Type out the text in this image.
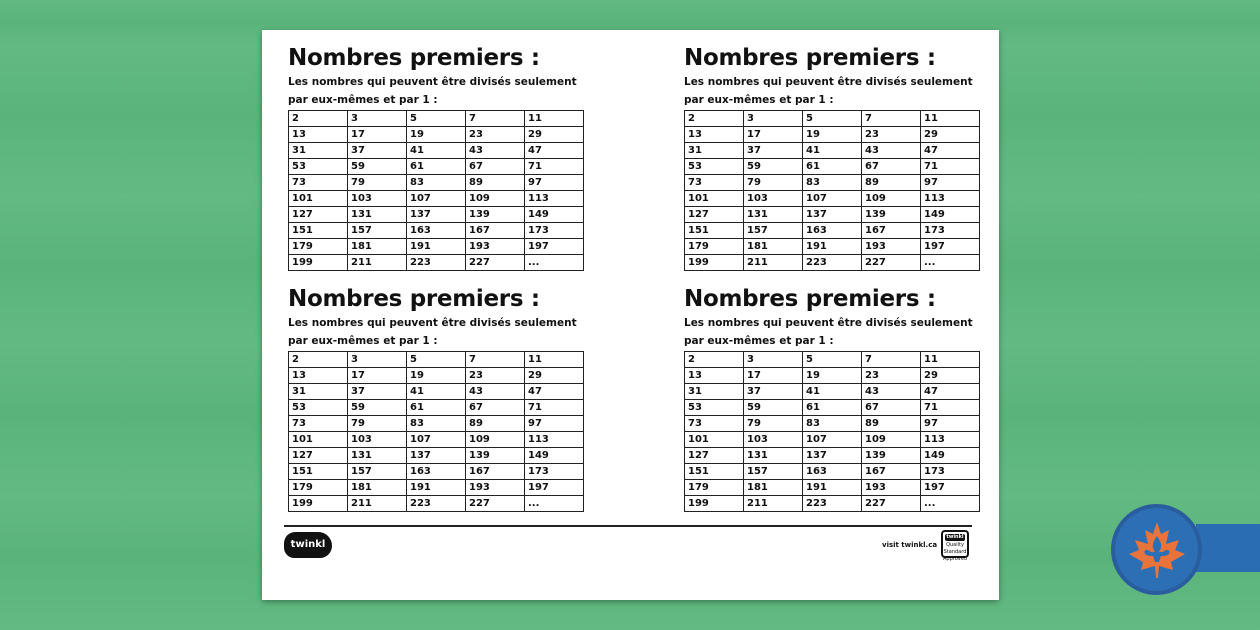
Nombres premiers :

Les nombres qui peuvent être divisés seulement par eux-mêmes et par 1 :

2	3	5	7	11
13	17	19	23	29
31	37	41	43	47
53	59	61	67	71
73	79	83	89	97
101	103	107	109	113
127	131	137	139	149
151	157	163	167	173
179	181	191	193	197
199	211	223	227	...
Nombres premiers :

Les nombres qui peuvent être divisés seulement par eux-mêmes et par 1 :

2	3	5	7	11
13	17	19	23	29
31	37	41	43	47
53	59	61	67	71
73	79	83	89	97
101	103	107	109	113
127	131	137	139	149
151	157	163	167	173
179	181	191	193	197
199	211	223	227	...
Nombres premiers :

Les nombres qui peuvent être divisés seulement par eux-mêmes et par 1 :

2	3	5	7	11
13	17	19	23	29
31	37	41	43	47
53	59	61	67	71
73	79	83	89	97
101	103	107	109	113
127	131	137	139	149
151	157	163	167	173
179	181	191	193	197
199	211	223	227	...
Nombres premiers :

Les nombres qui peuvent être divisés seulement par eux-mêmes et par 1 :

2	3	5	7	11
13	17	19	23	29
31	37	41	43	47
53	59	61	67	71
73	79	83	89	97
101	103	107	109	113
127	131	137	139	149
151	157	163	167	173
179	181	191	193	197
199	211	223	227	...
twinkl	visit twinkl.ca
twinkl
Quality Standard Approved
